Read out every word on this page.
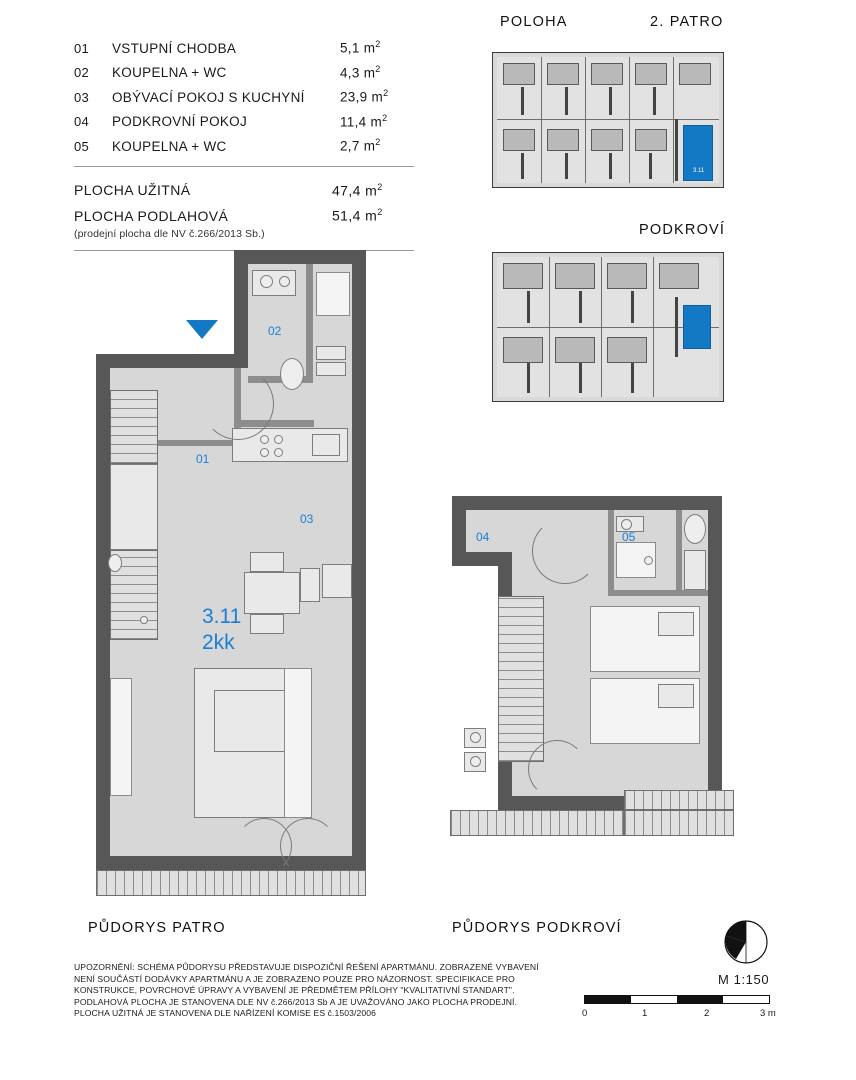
01	VSTUPNÍ CHODBA	5,1 $m^2$
02	KOUPELNA + WC	4,3 $m^2$
03	OBÝVACÍ POKOJ S KUCHYNÍ	23,9 $m^2$
04	PODKROVNÍ POKOJ	11,4 $m^2$
05	KOUPELNA + WC	2,7 $m^2$
PLOCHA UŽITNÁ	47,4 $m^2$
PLOCHA PODLAHOVÁ	51,4 $m^2$
(prodejní plocha dle NV č.266/2013 Sb.)
POLOHA	2. PATRO
PODKROVÍ
3.11
02
01
03
3.11
2kk
04	05
PŮDORYS PATRO	PŮDORYS PODKROVÍ
M 1:150
0	1	2	3 m
UPOZORNĚNÍ: SCHÉMA PŮDORYSU PŘEDSTAVUJE DISPOZIČNÍ ŘEŠENÍ APARTMÁNU. ZOBRAZENÉ VYBAVENÍ
NENÍ SOUČÁSTÍ DODÁVKY APARTMÁNU A JE ZOBRAZENO POUZE PRO NÁZORNOST. SPECIFIKACE PRO
KONSTRUKCE, POVRCHOVÉ ÚPRAVY A VYBAVENÍ JE PŘEDMĚTEM PŘÍLOHY "KVALITATIVNÍ STANDART".
PODLAHOVÁ PLOCHA JE STANOVENA DLE NV č.266/2013 Sb A JE UVAŽOVÁNO JAKO PLOCHA PRODEJNÍ.
PLOCHA UŽITNÁ JE STANOVENA DLE NAŘÍZENÍ KOMISE ES č.1503/2006
